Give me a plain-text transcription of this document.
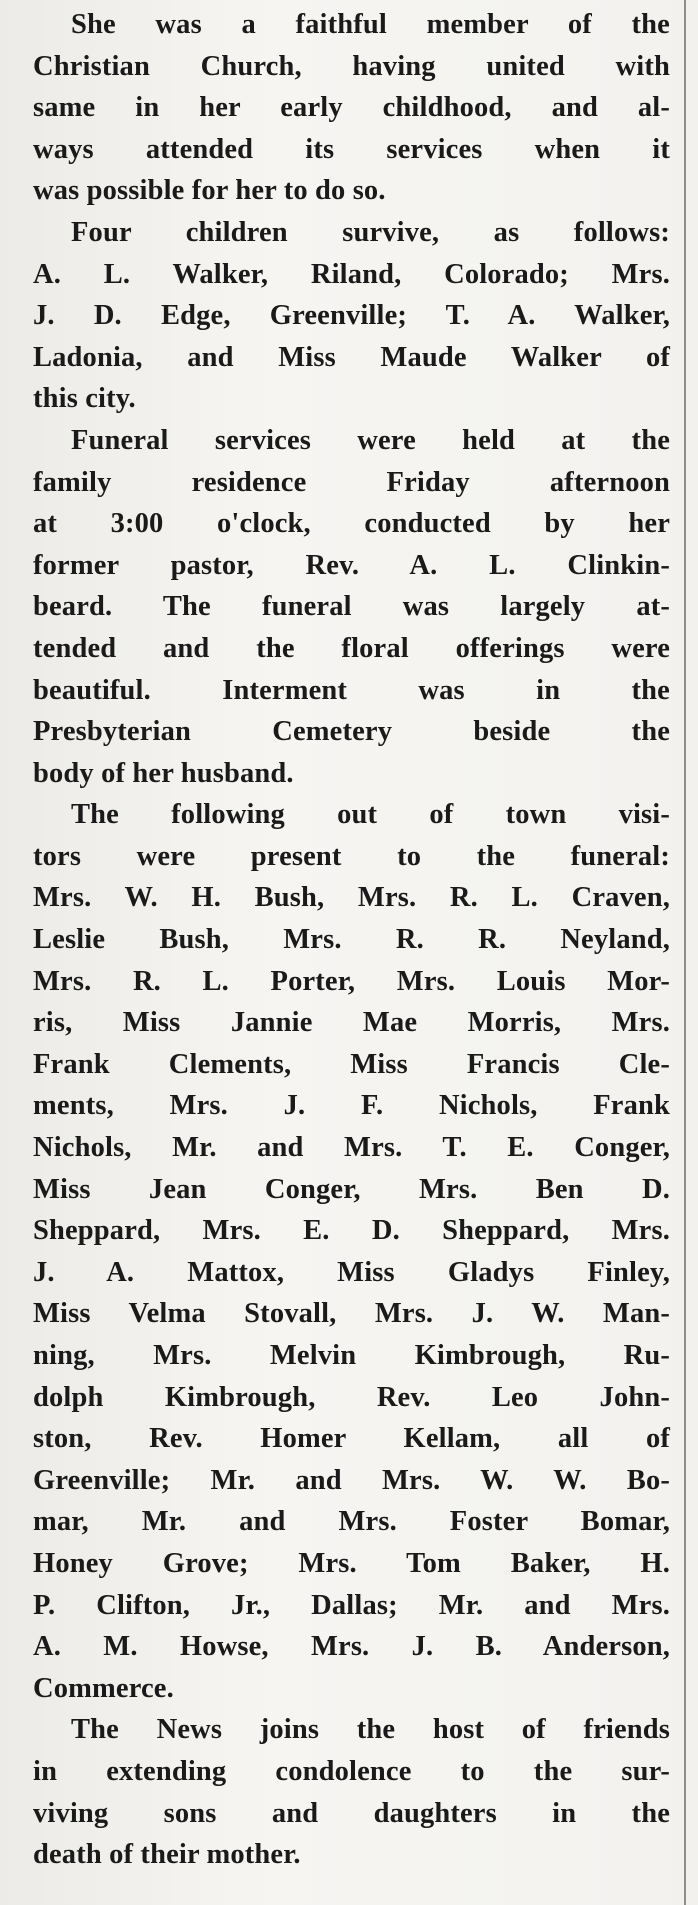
She was a faithful member of the
Christian Church, having united with
same in her early childhood, and al-
ways attended its services when it
was possible for her to do so.
Four children survive, as follows:
A. L. Walker, Riland, Colorado; Mrs.
J. D. Edge, Greenville; T. A. Walker,
Ladonia, and Miss Maude Walker of
this city.
Funeral services were held at the
family residence Friday afternoon
at 3:00 o'clock, conducted by her
former pastor, Rev. A. L. Clinkin-
beard. The funeral was largely at-
tended and the floral offerings were
beautiful. Interment was in the
Presbyterian Cemetery beside the
body of her husband.
The following out of town visi-
tors were present to the funeral:
Mrs. W. H. Bush, Mrs. R. L. Craven,
Leslie Bush, Mrs. R. R. Neyland,
Mrs. R. L. Porter, Mrs. Louis Mor-
ris, Miss Jannie Mae Morris, Mrs.
Frank Clements, Miss Francis Cle-
ments, Mrs. J. F. Nichols, Frank
Nichols, Mr. and Mrs. T. E. Conger,
Miss Jean Conger, Mrs. Ben D.
Sheppard, Mrs. E. D. Sheppard, Mrs.
J. A. Mattox, Miss Gladys Finley,
Miss Velma Stovall, Mrs. J. W. Man-
ning, Mrs. Melvin Kimbrough, Ru-
dolph Kimbrough, Rev. Leo John-
ston, Rev. Homer Kellam, all of
Greenville; Mr. and Mrs. W. W. Bo-
mar, Mr. and Mrs. Foster Bomar,
Honey Grove; Mrs. Tom Baker, H.
P. Clifton, Jr., Dallas; Mr. and Mrs.
A. M. Howse, Mrs. J. B. Anderson,
Commerce.
The News joins the host of friends
in extending condolence to the sur-
viving sons and daughters in the
death of their mother.
